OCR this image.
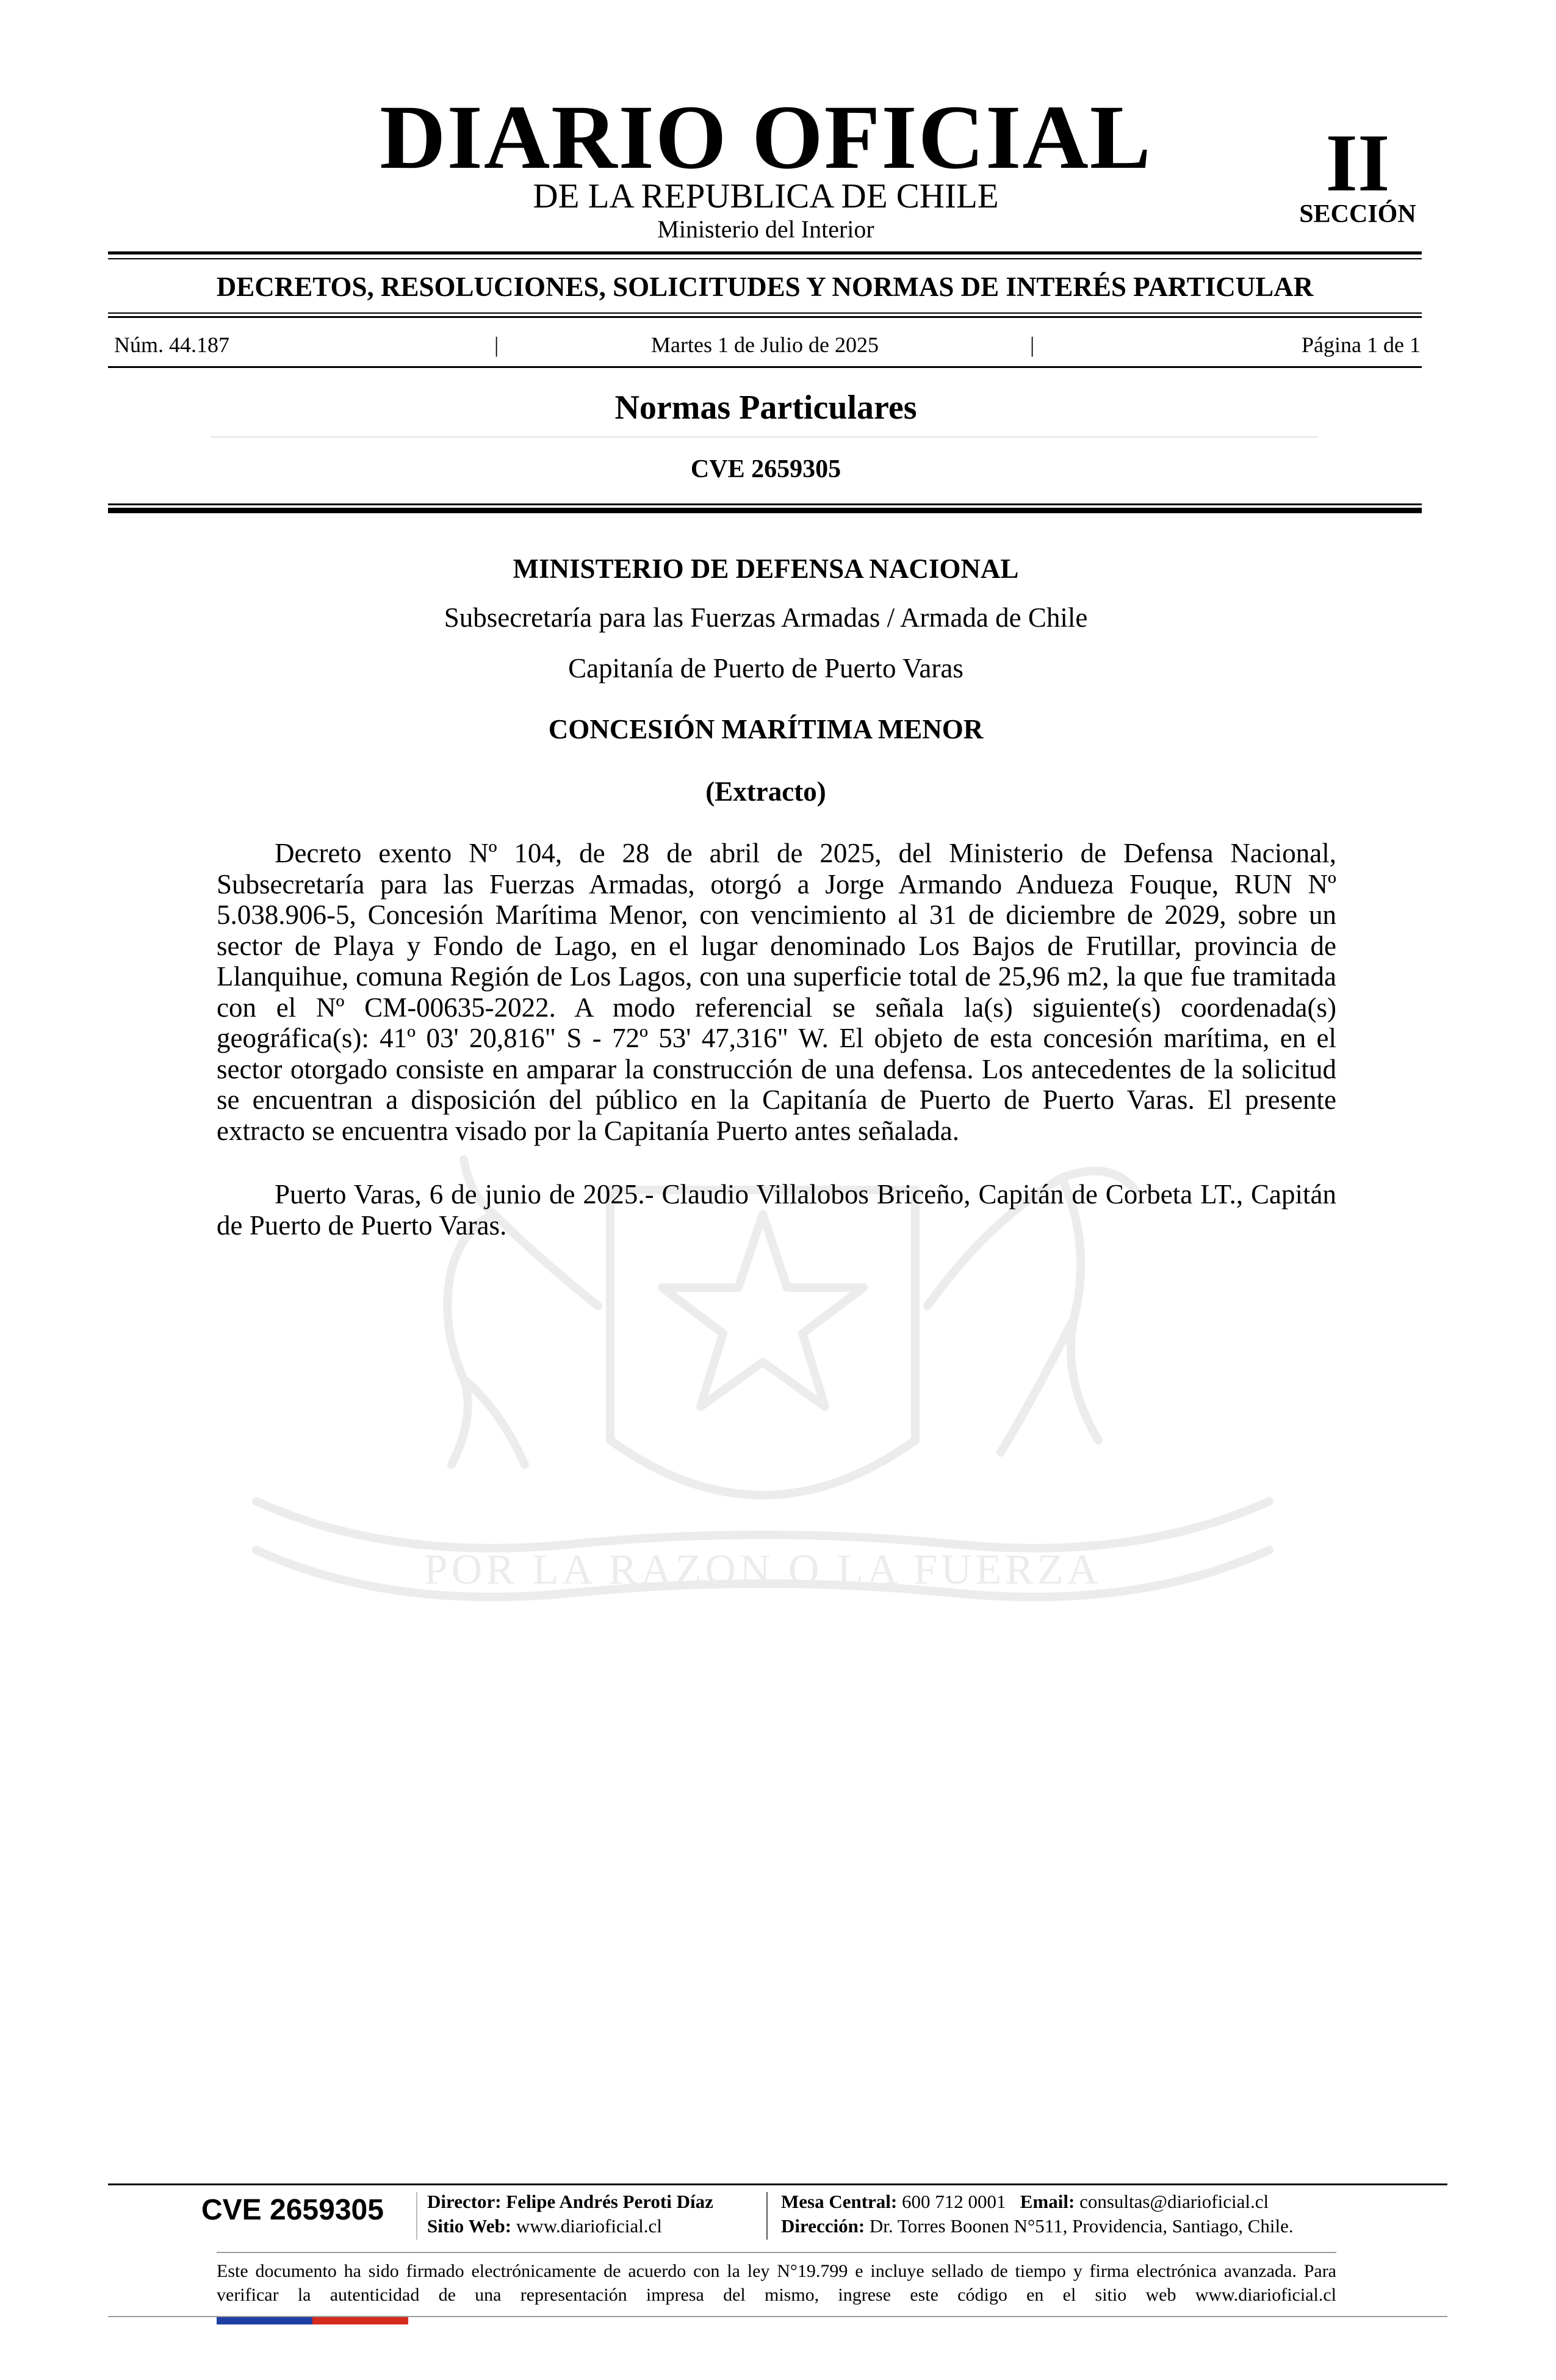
DIARIO OFICIAL
DE LA REPUBLICA DE CHILE
Ministerio del Interior
II
SECCIÓN
DECRETOS, RESOLUCIONES, SOLICITUDES Y NORMAS DE INTERÉS PARTICULAR
Núm. 44.187	|	Martes 1 de Julio de 2025	|	Página 1 de 1
Normas Particulares
CVE 2659305
POR LA RAZON O LA FUERZA
MINISTERIO DE DEFENSA NACIONAL
Subsecretaría para las Fuerzas Armadas / Armada de Chile
Capitanía de Puerto de Puerto Varas
CONCESIÓN MARÍTIMA MENOR
(Extracto)

Decreto exento Nº 104, de 28 de abril de 2025, del Ministerio de Defensa Nacional, Subsecretaría para las Fuerzas Armadas, otorgó a Jorge Armando Andueza Fouque, RUN Nº 5.038.906-5, Concesión Marítima Menor, con vencimiento al 31 de diciembre de 2029, sobre un sector de Playa y Fondo de Lago, en el lugar denominado Los Bajos de Frutillar, provincia de Llanquihue, comuna Región de Los Lagos, con una superficie total de 25,96 m2, la que fue tramitada con el Nº CM-00635-2022. A modo referencial se señala la(s) siguiente(s) coordenada(s) geográfica(s): 41º 03' 20,816" S - 72º 53' 47,316" W. El objeto de esta concesión marítima, en el sector otorgado consiste en amparar la construcción de una defensa. Los antecedentes de la solicitud se encuentran a disposición del público en la Capitanía de Puerto de Puerto Varas. El presente extracto se encuentra visado por la Capitanía Puerto antes señalada.

Puerto Varas, 6 de junio de 2025.- Claudio Villalobos Briceño, Capitán de Corbeta LT., Capitán de Puerto de Puerto Varas.

CVE 2659305	Director: Felipe Andrés Peroti Díaz
Sitio Web: www.diarioficial.cl
Mesa Central: 600 712 0001 Email: consultas@diarioficial.cl
Dirección: Dr. Torres Boonen N°511, Providencia, Santiago, Chile.
Este documento ha sido firmado electrónicamente de acuerdo con la ley N°19.799 e incluye sellado de tiempo y firma electrónica avanzada. Para verificar la autenticidad de una representación impresa del mismo, ingrese este código en el sitio web www.diarioficial.cl
